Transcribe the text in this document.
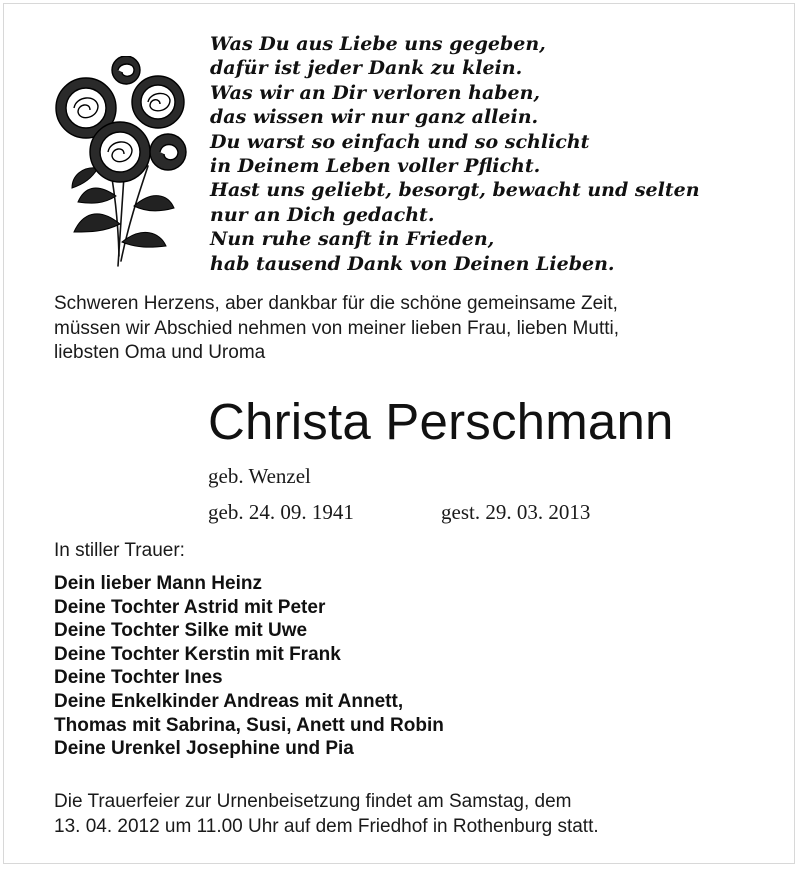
Was Du aus Liebe uns gegeben,
dafür ist jeder Dank zu klein.
Was wir an Dir verloren haben,
das wissen wir nur ganz allein.
Du warst so einfach und so schlicht
in Deinem Leben voller Pflicht.
Hast uns geliebt, besorgt, bewacht und selten
nur an Dich gedacht.
Nun ruhe sanft in Frieden,
hab tausend Dank von Deinen Lieben.
Schweren Herzens, aber dankbar für die schöne gemeinsame Zeit,
müssen wir Abschied nehmen von meiner lieben Frau, lieben Mutti,
liebsten Oma und Uroma
Christa Perschmann
geb. Wenzel
geb. 24. 09. 1941	gest. 29. 03. 2013
In stiller Trauer:
Dein lieber Mann Heinz
Deine Tochter Astrid mit Peter
Deine Tochter Silke mit Uwe
Deine Tochter Kerstin mit Frank
Deine Tochter Ines
Deine Enkelkinder Andreas mit Annett,
Thomas mit Sabrina, Susi, Anett und Robin
Deine Urenkel Josephine und Pia
Die Trauerfeier zur Urnenbeisetzung findet am Samstag, dem
13. 04. 2012 um 11.00 Uhr auf dem Friedhof in Rothenburg statt.
